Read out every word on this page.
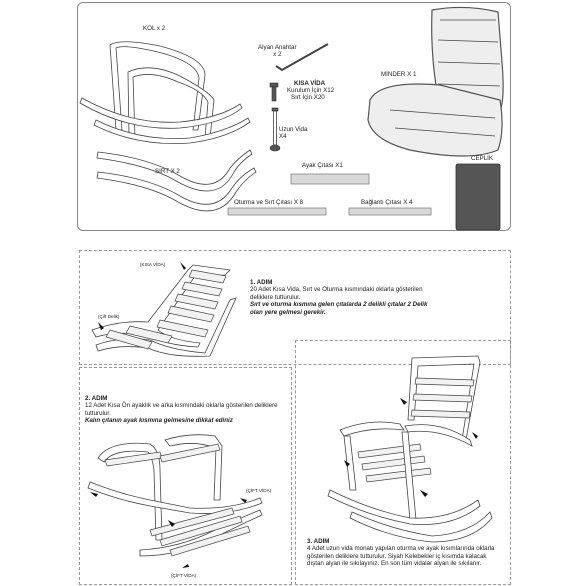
KOL x 2
Alyan Anahtar
x 2
KISA VİDA
Kurulum İçin X12
Sırt İçin X20
Uzun Vida
X4
MİNDER X 1
SIRT X 2
Ayak Çıtası X1
CEPLİK
Oturma ve Sırt Çıtası X 8	Bağlantı Çıtası X 4
(KISA VİDA)
(Çift Delik)
1. ADIM
20 Adet Kısa Vida, Sırt ve Oturma kısmındaki oklarla gösterilen deliklere tutturulur.
Sırt ve oturma kısmına gelen çıtalarda 2 delikli çıtalar 2 Delik olan yere gelmesi gerekir.
2. ADIM
12 Adet Kısa Ön ayaklık ve arka kısmındaki oklarla gösterilen deliklere tutturulur.
Kalın çıtanın ayak kısmına gelmesine dikkat ediniz
(ÇİFT VİDA)
(ÇİFT VİDA)
3. ADIM
4 Adet uzun vida monatı yapılan oturma ve ayak kısımlarında oklarla gösterilen deliklere tutturulur. Siyah Kelebekler iç kısımda kalacak dıştan alyan ile sıkılayınız. En son tüm vidalar alyan ile sıkılanır.
